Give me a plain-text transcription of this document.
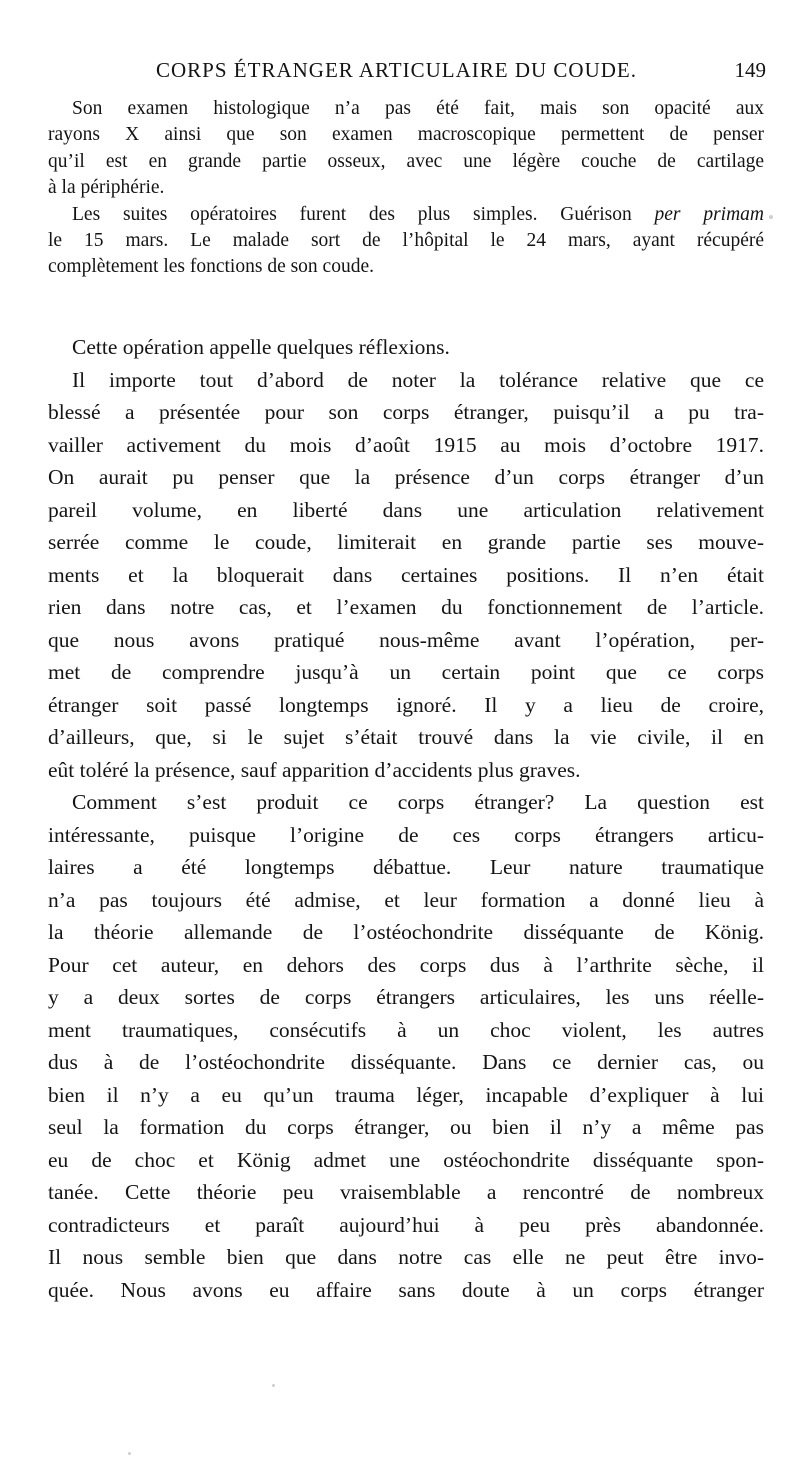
CORPS ÉTRANGER ARTICULAIRE DU COUDE.	149
Son examen histologique n’a pas été fait, mais son opacité aux
rayons X ainsi que son examen macroscopique permettent de penser
qu’il est en grande partie osseux, avec une légère couche de cartilage
à la périphérie.
Les suites opératoires furent des plus simples. Guérison per primam
le 15 mars. Le malade sort de l’hôpital le 24 mars, ayant récupéré
complètement les fonctions de son coude.
Cette opération appelle quelques réflexions.
Il importe tout d’abord de noter la tolérance relative que ce
blessé a présentée pour son corps étranger, puisqu’il a pu tra-
vailler activement du mois d’août 1915 au mois d’octobre 1917.
On aurait pu penser que la présence d’un corps étranger d’un
pareil volume, en liberté dans une articulation relativement
serrée comme le coude, limiterait en grande partie ses mouve-
ments et la bloquerait dans certaines positions. Il n’en était
rien dans notre cas, et l’examen du fonctionnement de l’article.
que nous avons pratiqué nous-même avant l’opération, per-
met de comprendre jusqu’à un certain point que ce corps
étranger soit passé longtemps ignoré. Il y a lieu de croire,
d’ailleurs, que, si le sujet s’était trouvé dans la vie civile, il en
eût toléré la présence, sauf apparition d’accidents plus graves.
Comment s’est produit ce corps étranger? La question est
intéressante, puisque l’origine de ces corps étrangers articu-
laires a été longtemps débattue. Leur nature traumatique
n’a pas toujours été admise, et leur formation a donné lieu à
la théorie allemande de l’ostéochondrite disséquante de König.
Pour cet auteur, en dehors des corps dus à l’arthrite sèche, il
y a deux sortes de corps étrangers articulaires, les uns réelle-
ment traumatiques, consécutifs à un choc violent, les autres
dus à de l’ostéochondrite disséquante. Dans ce dernier cas, ou
bien il n’y a eu qu’un trauma léger, incapable d’expliquer à lui
seul la formation du corps étranger, ou bien il n’y a même pas
eu de choc et König admet une ostéochondrite disséquante spon-
tanée. Cette théorie peu vraisemblable a rencontré de nombreux
contradicteurs et paraît aujourd’hui à peu près abandonnée.
Il nous semble bien que dans notre cas elle ne peut être invo-
quée. Nous avons eu affaire sans doute à un corps étranger
